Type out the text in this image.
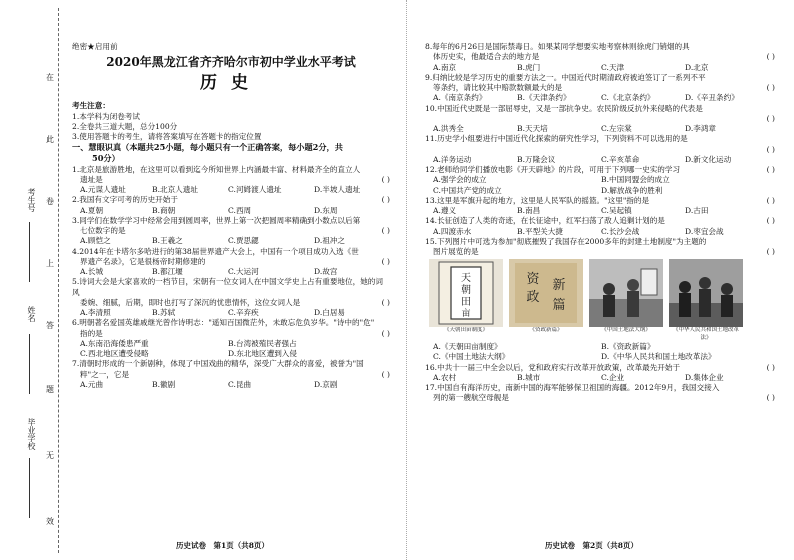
在
此
卷
上
答
题
无
效
考生号
姓名
毕业学校
绝密★启用前
2020年黑龙江省齐齐哈尔市初中学业水平考试
历史
考生注意：
1.本学科为闭卷考试
2.全卷共三道大题，总分100分
3.使用答题卡的考生，请将答案填写在答题卡的指定位置
一、慧眼识真（本题共25小题，每小题只有一个正确答案，每小题2分，共
50分）
1.北京是旅游胜地，在这里可以看到迄今所知世界上内涵最丰富、材料最齐全的直立人
遗址是	( )
A.元谋人遗址	B.北京人遗址	C.河姆渡人遗址	D.半坡人遗址
2.我国有文字可考的历史开始于	( )
A.夏朝	B.商朝	C.西周	D.东周
3.同学们在数学学习中经常会用到圆周率，世界上第一次把圆周率精确到小数点以后第
七位数字的是	( )
A.顾恺之	B.王羲之	C.贾思勰	D.祖冲之
4.2014年在卡塔尔多哈进行的第38届世界遗产大会上，中国有一个项目成功入选《世
界遗产名录》，它是很杨帝时期修建的	( )
A.长城	B.都江堰	C.大运河	D.故宫
5.诗词大会是大家喜欢的一档节目，宋朝有一位女词人在中国文学史上占有重要地位，她的词风
委婉、细腻，后期，即时也打写了深沉的忧患情怀，这位女词人是	( )
A.李清照	B.苏轼	C.辛弃疾	D.白居易
6.明朝著名爱国英雄戚继光曾作诗明志："遥知百国微茫外，未敢忘危负岁华。"诗中的"危"
指的是	( )
A.东南沿海倭患严重	B.台湾被殖民者强占
C.西北地区遭受侵略	D.东北地区遭到入侵
7.清朝时形成的一个新剧种，体现了中国戏曲的精华，深受广大群众的喜爱，被誉为"国
粹"之一，它是	( )
A.元曲	B.徽剧	C.昆曲	D.京剧
历史试卷　第1页（共8页）
8.每年的6月26日是国际禁毒日。如果某同学想要实地考察林则徐虎门销烟的具
体历史实，他最适合去的地方是	( )
A.南京	B.虎门	C.天津	D.北京
9.归纳比较是学习历史的重要方法之一。中国近代时期清政府被迫签订了一系列不平
等条约，请比较其中赔款数额最大的是	( )
A.《南京条约》	B.《天津条约》	C.《北京条约》	D.《辛丑条约》
10.中国近代史既是一部屈辱史，又是一部抗争史。农民阶级反抗外来侵略的代表是
( )

A.洪秀全	B.天天培	C.左宗棠	D.李鸿章
11.历史学小组要进行中国近代化探索的研究性学习，下列资料不可以选用的是
( )

A.洋务运动	B.万隆会议	C.辛亥革命	D.新文化运动
12.老师给同学们播放电影《开天辟地》的片段，可用于下列哪一史实的学习	( )
A.强学会的成立	B.中国同盟会的成立
C.中国共产党的成立	D.解放战争的胜利
13.这里是军旗升起的地方，这里是人民军队的摇篮。"这里"指的是	( )
A.遵义	B.南昌	C.吴起镇	D.古田
14.长征创造了人类的奇迹，在长征途中，红军扫荡了敌人追剿计划的是	( )
A.四渡赤水	B.平型关大捷	C.长沙会战	D.枣宜会战
15.下列图片中可选为参加"彻底摧毁了我国存在2000多年的封建土地制度"为主题的
图片展览的是	( )
天
朝
田
亩
资
政
新
篇
《天朝田亩制度》	《资政新篇》	《中国土地法大纲》	《中华人民共和国土地改革法》
A.《天朝田亩制度》	B.《资政新篇》
C.《中国土地法大纲》	D.《中华人民共和国土地改革法》
16.中共十一届三中全会以后，党和政府实行改革开放政策，改革最先开始于	( )
A.农村	B.城市	C.企业	D.集体企业
17.中国自有海洋历史，南新中国的海军能够保卫祖国的海疆。2012年9月，我国交接入
列的第一艘航空母舰是	( )
历史试卷　第2页（共8页）
